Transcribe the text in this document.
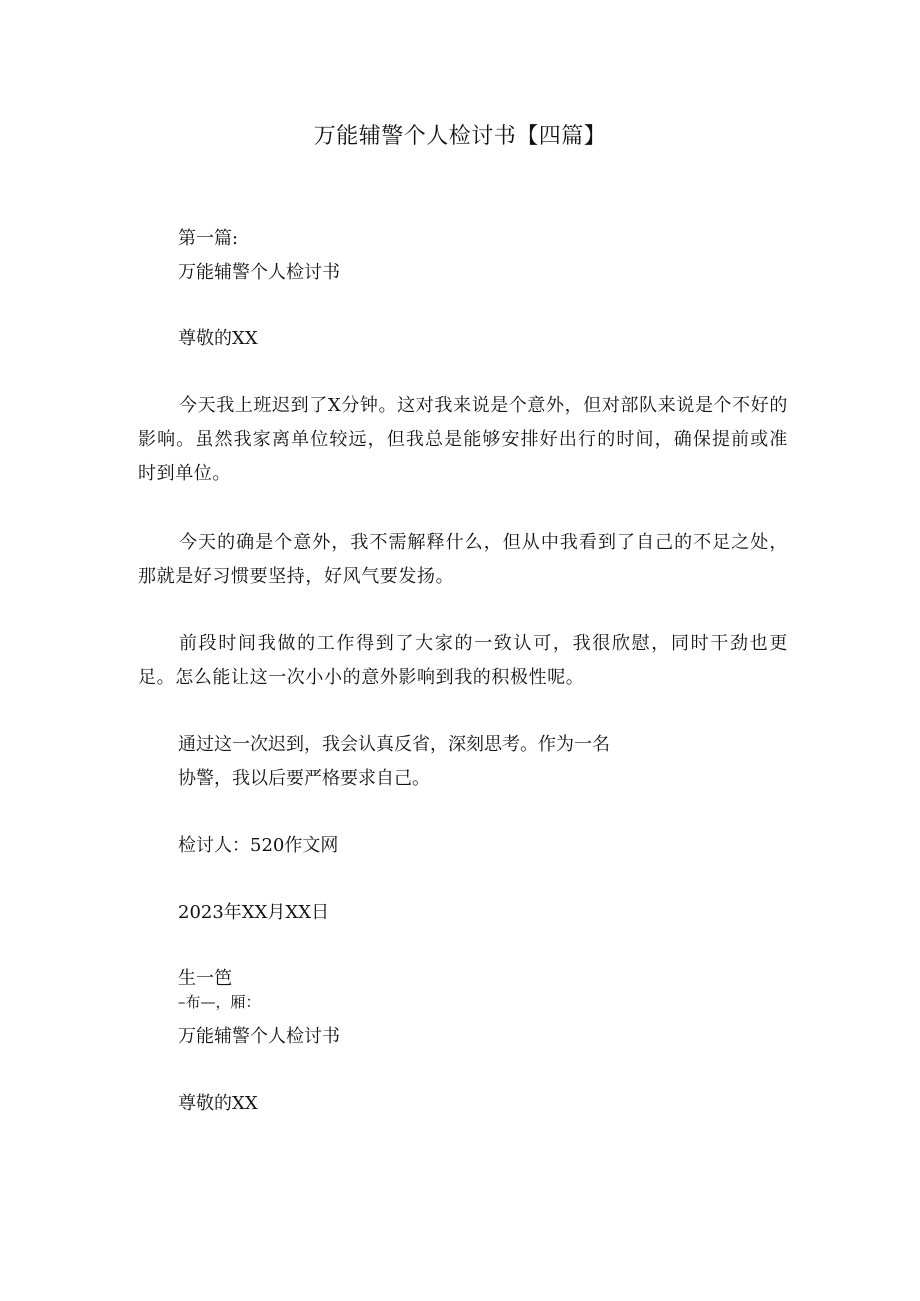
万能辅警个人检讨书【四篇】
第一篇:
万能辅警个人检讨书
尊敬的XX

今天我上班迟到了X分钟。这对我来说是个意外，但对部队来说是个不好的影响。虽然我家离单位较远，但我总是能够安排好出行的时间，确保提前或准时到单位。

今天的确是个意外，我不需解释什么，但从中我看到了自己的不足之处，那就是好习惯要坚持，好风气要发扬。

前段时间我做的工作得到了大家的一致认可，我很欣慰，同时干劲也更足。怎么能让这一次小小的意外影响到我的积极性呢。

通过这一次迟到，我会认真反省，深刻思考。作为一名
协警，我以后要严格要求自己。
检讨人：520作文网
2023年XX月XX日
生一笆
–布—，厢：
万能辅警个人检讨书
尊敬的XX
